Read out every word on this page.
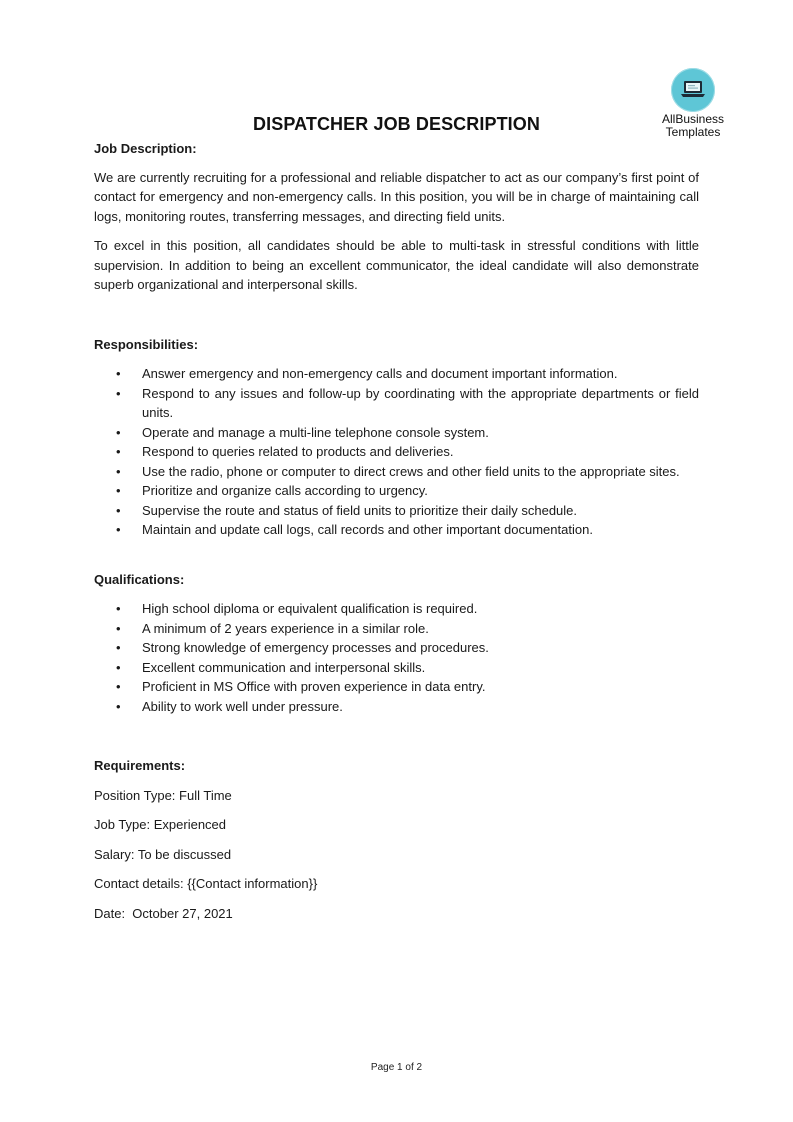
AllBusiness
Templates
DISPATCHER JOB DESCRIPTION
Job Description:

We are currently recruiting for a professional and reliable dispatcher to act as our company’s first point of contact for emergency and non-emergency calls. In this position, you will be in charge of maintaining call logs, monitoring routes, transferring messages, and directing field units.

To excel in this position, all candidates should be able to multi-task in stressful conditions with little supervision. In addition to being an excellent communicator, the ideal candidate will also demonstrate superb organizational and interpersonal skills.

Responsibilities:
• Answer emergency and non-emergency calls and document important information.
• Respond to any issues and follow-up by coordinating with the appropriate departments or field units.
• Operate and manage a multi-line telephone console system.
• Respond to queries related to products and deliveries.
• Use the radio, phone or computer to direct crews and other field units to the appropriate sites.
• Prioritize and organize calls according to urgency.
• Supervise the route and status of field units to prioritize their daily schedule.
• Maintain and update call logs, call records and other important documentation.
Qualifications:
• High school diploma or equivalent qualification is required.
• A minimum of 2 years experience in a similar role.
• Strong knowledge of emergency processes and procedures.
• Excellent communication and interpersonal skills.
• Proficient in MS Office with proven experience in data entry.
• Ability to work well under pressure.
Requirements:
Position Type: Full Time
Job Type: Experienced
Salary: To be discussed
Contact details: {{Contact information}}
Date:  October 27, 2021
Page 1 of 2
